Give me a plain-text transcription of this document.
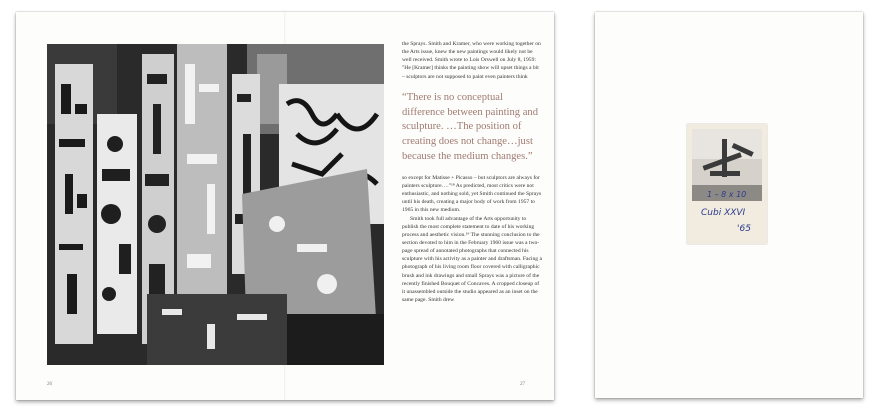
the Sprays. Smith and Kramer, who were working together on the Arts issue, knew the new paintings would likely not be well received. Smith wrote to Lois Orswell on July 8, 1959: "He [Kramer] thinks the painting show will upset things a bit – sculptors are not supposed to paint even painters think

“There is no conceptual difference between painting and sculpture. …The position of creating does not change…just because the medium changes.”

so except for Matisse + Picasso – but sculptors are always for painters sculpture….”¹⁸ As predicted, most critics were not enthusiastic, and nothing sold, yet Smith continued the Sprays until his death, creating a major body of work from 1957 to 1965 in this new medium.

Smith took full advantage of the Arts opportunity to publish the most complete statement to date of his working process and aesthetic vision.¹⁹ The stunning conclusion to the section devoted to him in the February 1960 issue was a two-page spread of annotated photographs that connected his sculpture with his activity as a painter and draftsman. Facing a photograph of his living room floor covered with calligraphic brush and ink drawings and small Sprays was a picture of the recently finished Bouquet of Concaves. A cropped closeup of it unassembled outside the studio appeared as an inset on the same page. Smith drew

26	27
1 – 8 x 10
Cubi XXVI
'65
